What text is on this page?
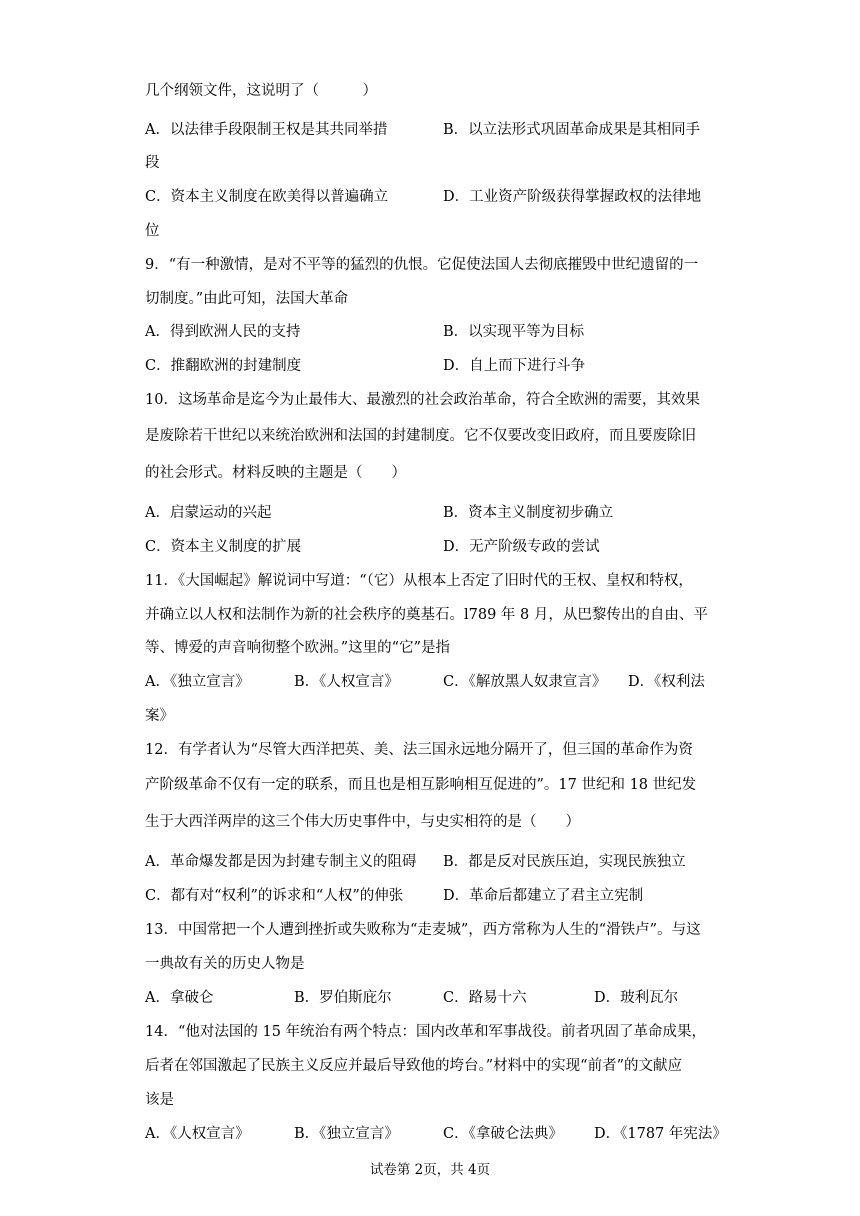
几个纲领文件，这说明了（　　　）
A．以法律手段限制王权是其共同举措	B．以立法形式巩固革命成果是其相同手
段
C．资本主义制度在欧美得以普遍确立	D．工业资产阶级获得掌握政权的法律地
位
9．“有一种激情，是对不平等的猛烈的仇恨。它促使法国人去彻底摧毁中世纪遗留的一
切制度。”由此可知，法国大革命
A．得到欧洲人民的支持	B．以实现平等为目标
C．推翻欧洲的封建制度	D．自上而下进行斗争
10．这场革命是迄今为止最伟大、最激烈的社会政治革命，符合全欧洲的需要，其效果
是废除若干世纪以来统治欧洲和法国的封建制度。它不仅要改变旧政府，而且要废除旧
的社会形式。材料反映的主题是（　　）
A．启蒙运动的兴起	B．资本主义制度初步确立
C．资本主义制度的扩展	D．无产阶级专政的尝试
11．《大国崛起》解说词中写道：“（它）从根本上否定了旧时代的王权、皇权和特权，
并确立以人权和法制作为新的社会秩序的奠基石。l789 年 8 月，从巴黎传出的自由、平
等、博爱的声音响彻整个欧洲。”这里的“它”是指
A．《独立宣言》	B．《人权宣言》	C．《解放黑人奴隶宣言》 D．《权利法
案》
12．有学者认为“尽管大西洋把英、美、法三国永远地分隔开了，但三国的革命作为资
产阶级革命不仅有一定的联系，而且也是相互影响相互促进的”。17 世纪和 18 世纪发
生于大西洋两岸的这三个伟大历史事件中，与史实相符的是（　　）
A．革命爆发都是因为封建专制主义的阻碍 B．都是反对民族压迫，实现民族独立
C．都有对“权利”的诉求和“人权”的伸张	D．革命后都建立了君主立宪制
13．中国常把一个人遭到挫折或失败称为“走麦城”，西方常称为人生的“滑铁卢”。与这
一典故有关的历史人物是
A．拿破仑	B．罗伯斯庇尔	C．路易十六	D．玻利瓦尔
14．“他对法国的 15 年统治有两个特点：国内改革和军事战役。前者巩固了革命成果，
后者在邻国激起了民族主义反应并最后导致他的垮台。”材料中的实现“前者”的文献应
该是
A．《人权宣言》	B．《独立宣言》	C．《拿破仑法典》 D．《1787 年宪法》
试卷第 2页，共 4页
